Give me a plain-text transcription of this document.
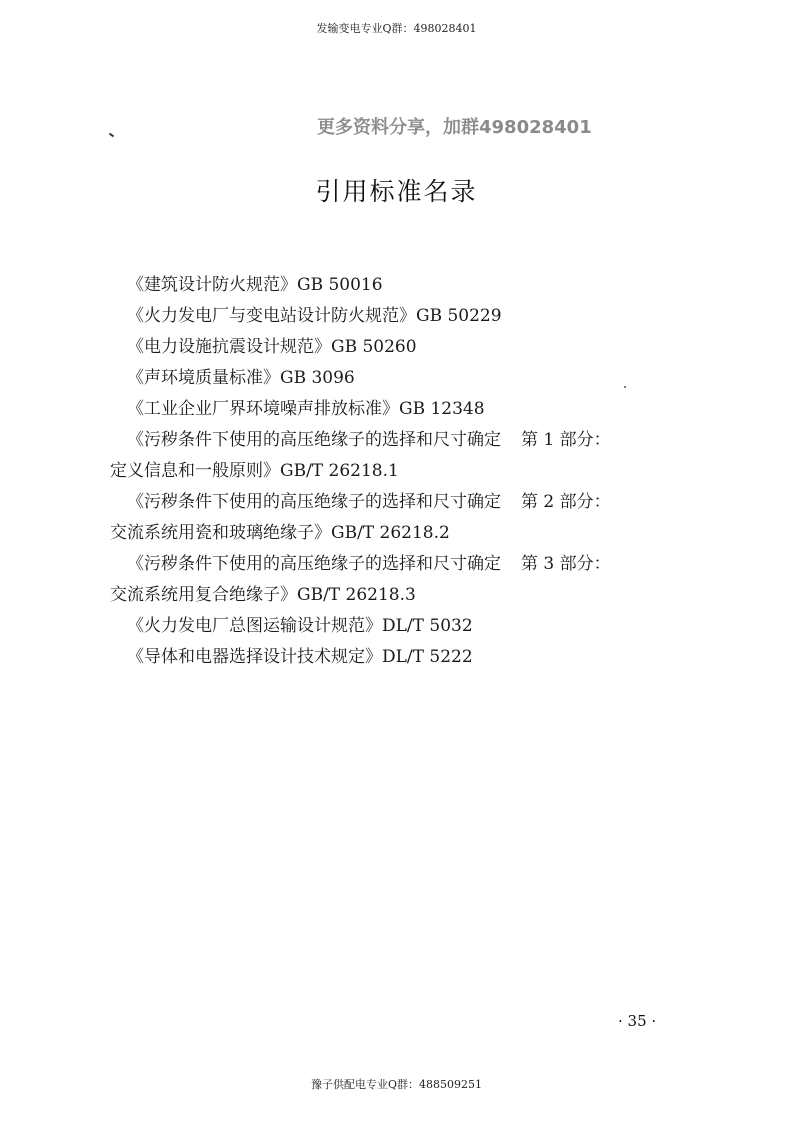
发输变电专业Q群：498028401
更多资料分享，加群498028401
引用标准名录
《建筑设计防火规范》GB 50016
《火力发电厂与变电站设计防火规范》GB 50229
《电力设施抗震设计规范》GB 50260
《声环境质量标准》GB 3096
《工业企业厂界环境噪声排放标准》GB 12348
《污秽条件下使用的高压绝缘子的选择和尺寸确定 第 1 部分：
定义信息和一般原则》GB/T 26218.1
《污秽条件下使用的高压绝缘子的选择和尺寸确定 第 2 部分：
交流系统用瓷和玻璃绝缘子》GB/T 26218.2
《污秽条件下使用的高压绝缘子的选择和尺寸确定 第 3 部分：
交流系统用复合绝缘子》GB/T 26218.3
《火力发电厂总图运输设计规范》DL/T 5032
《导体和电器选择设计技术规定》DL/T 5222
· 35 ·
豫子供配电专业Q群：488509251
